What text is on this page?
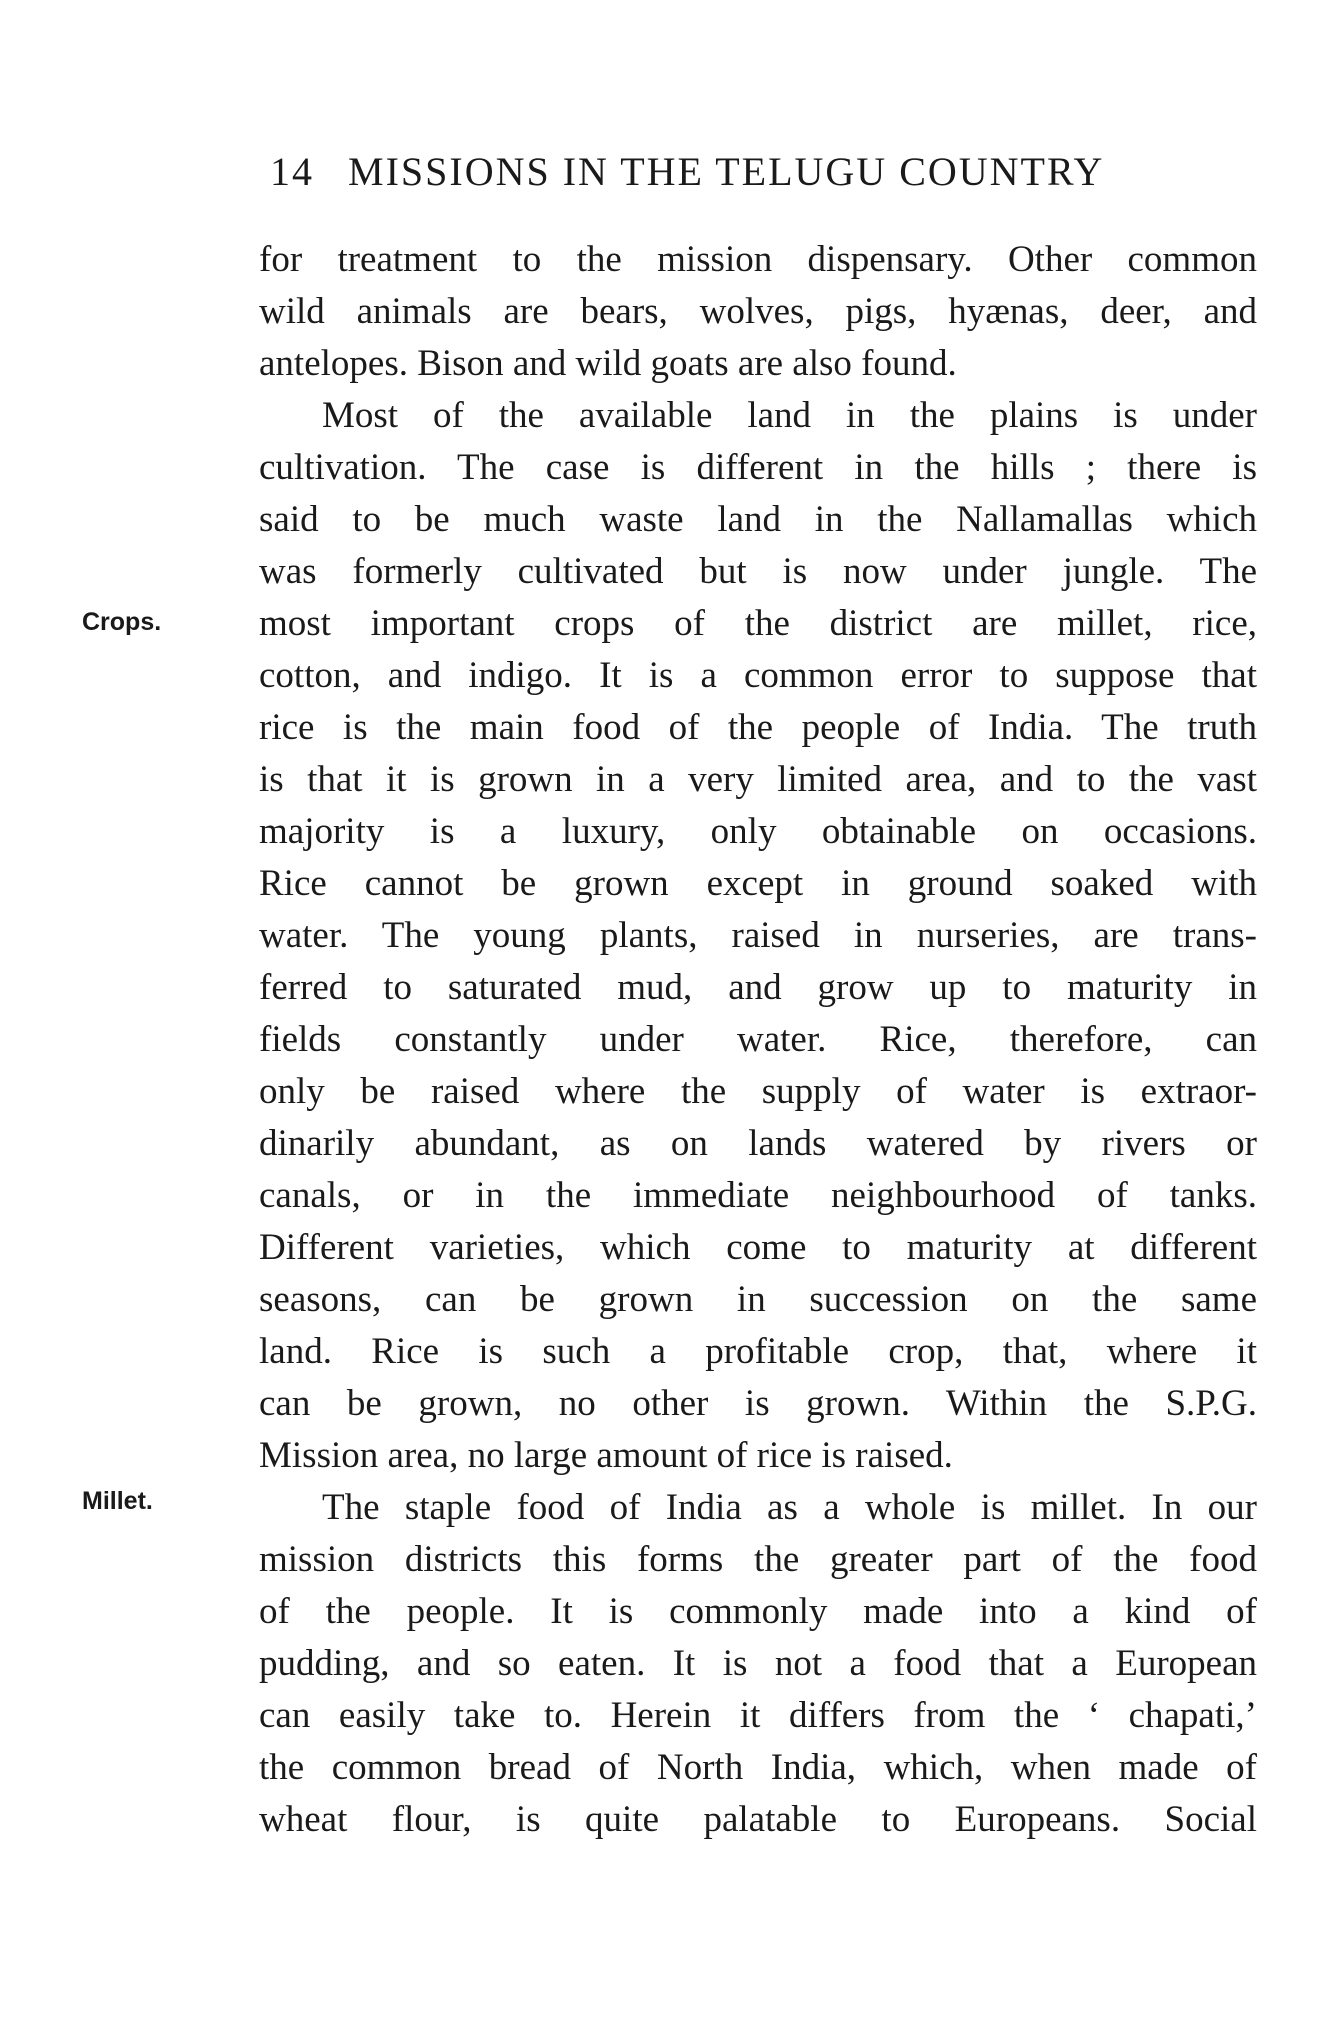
14 MISSIONS IN THE TELUGU COUNTRY
Crops.
Millet.
for treatment to the mission dispensary. Other common
wild animals are bears, wolves, pigs, hyænas, deer, and
antelopes. Bison and wild goats are also found.
Most of the available land in the plains is under
cultivation. The case is different in the hills ; there is
said to be much waste land in the Nallamallas which
was formerly cultivated but is now under jungle. The
most important crops of the district are millet, rice,
cotton, and indigo. It is a common error to suppose that
rice is the main food of the people of India. The truth
is that it is grown in a very limited area, and to the vast
majority is a luxury, only obtainable on occasions.
Rice cannot be grown except in ground soaked with
water. The young plants, raised in nurseries, are trans-
ferred to saturated mud, and grow up to maturity in
fields constantly under water. Rice, therefore, can
only be raised where the supply of water is extraor-
dinarily abundant, as on lands watered by rivers or
canals, or in the immediate neighbourhood of tanks.
Different varieties, which come to maturity at different
seasons, can be grown in succession on the same
land. Rice is such a profitable crop, that, where it
can be grown, no other is grown. Within the S.P.G.
Mission area, no large amount of rice is raised.
The staple food of India as a whole is millet. In our
mission districts this forms the greater part of the food
of the people. It is commonly made into a kind of
pudding, and so eaten. It is not a food that a European
can easily take to. Herein it differs from the ‘ chapati,’
the common bread of North India, which, when made of
wheat flour, is quite palatable to Europeans. Social
